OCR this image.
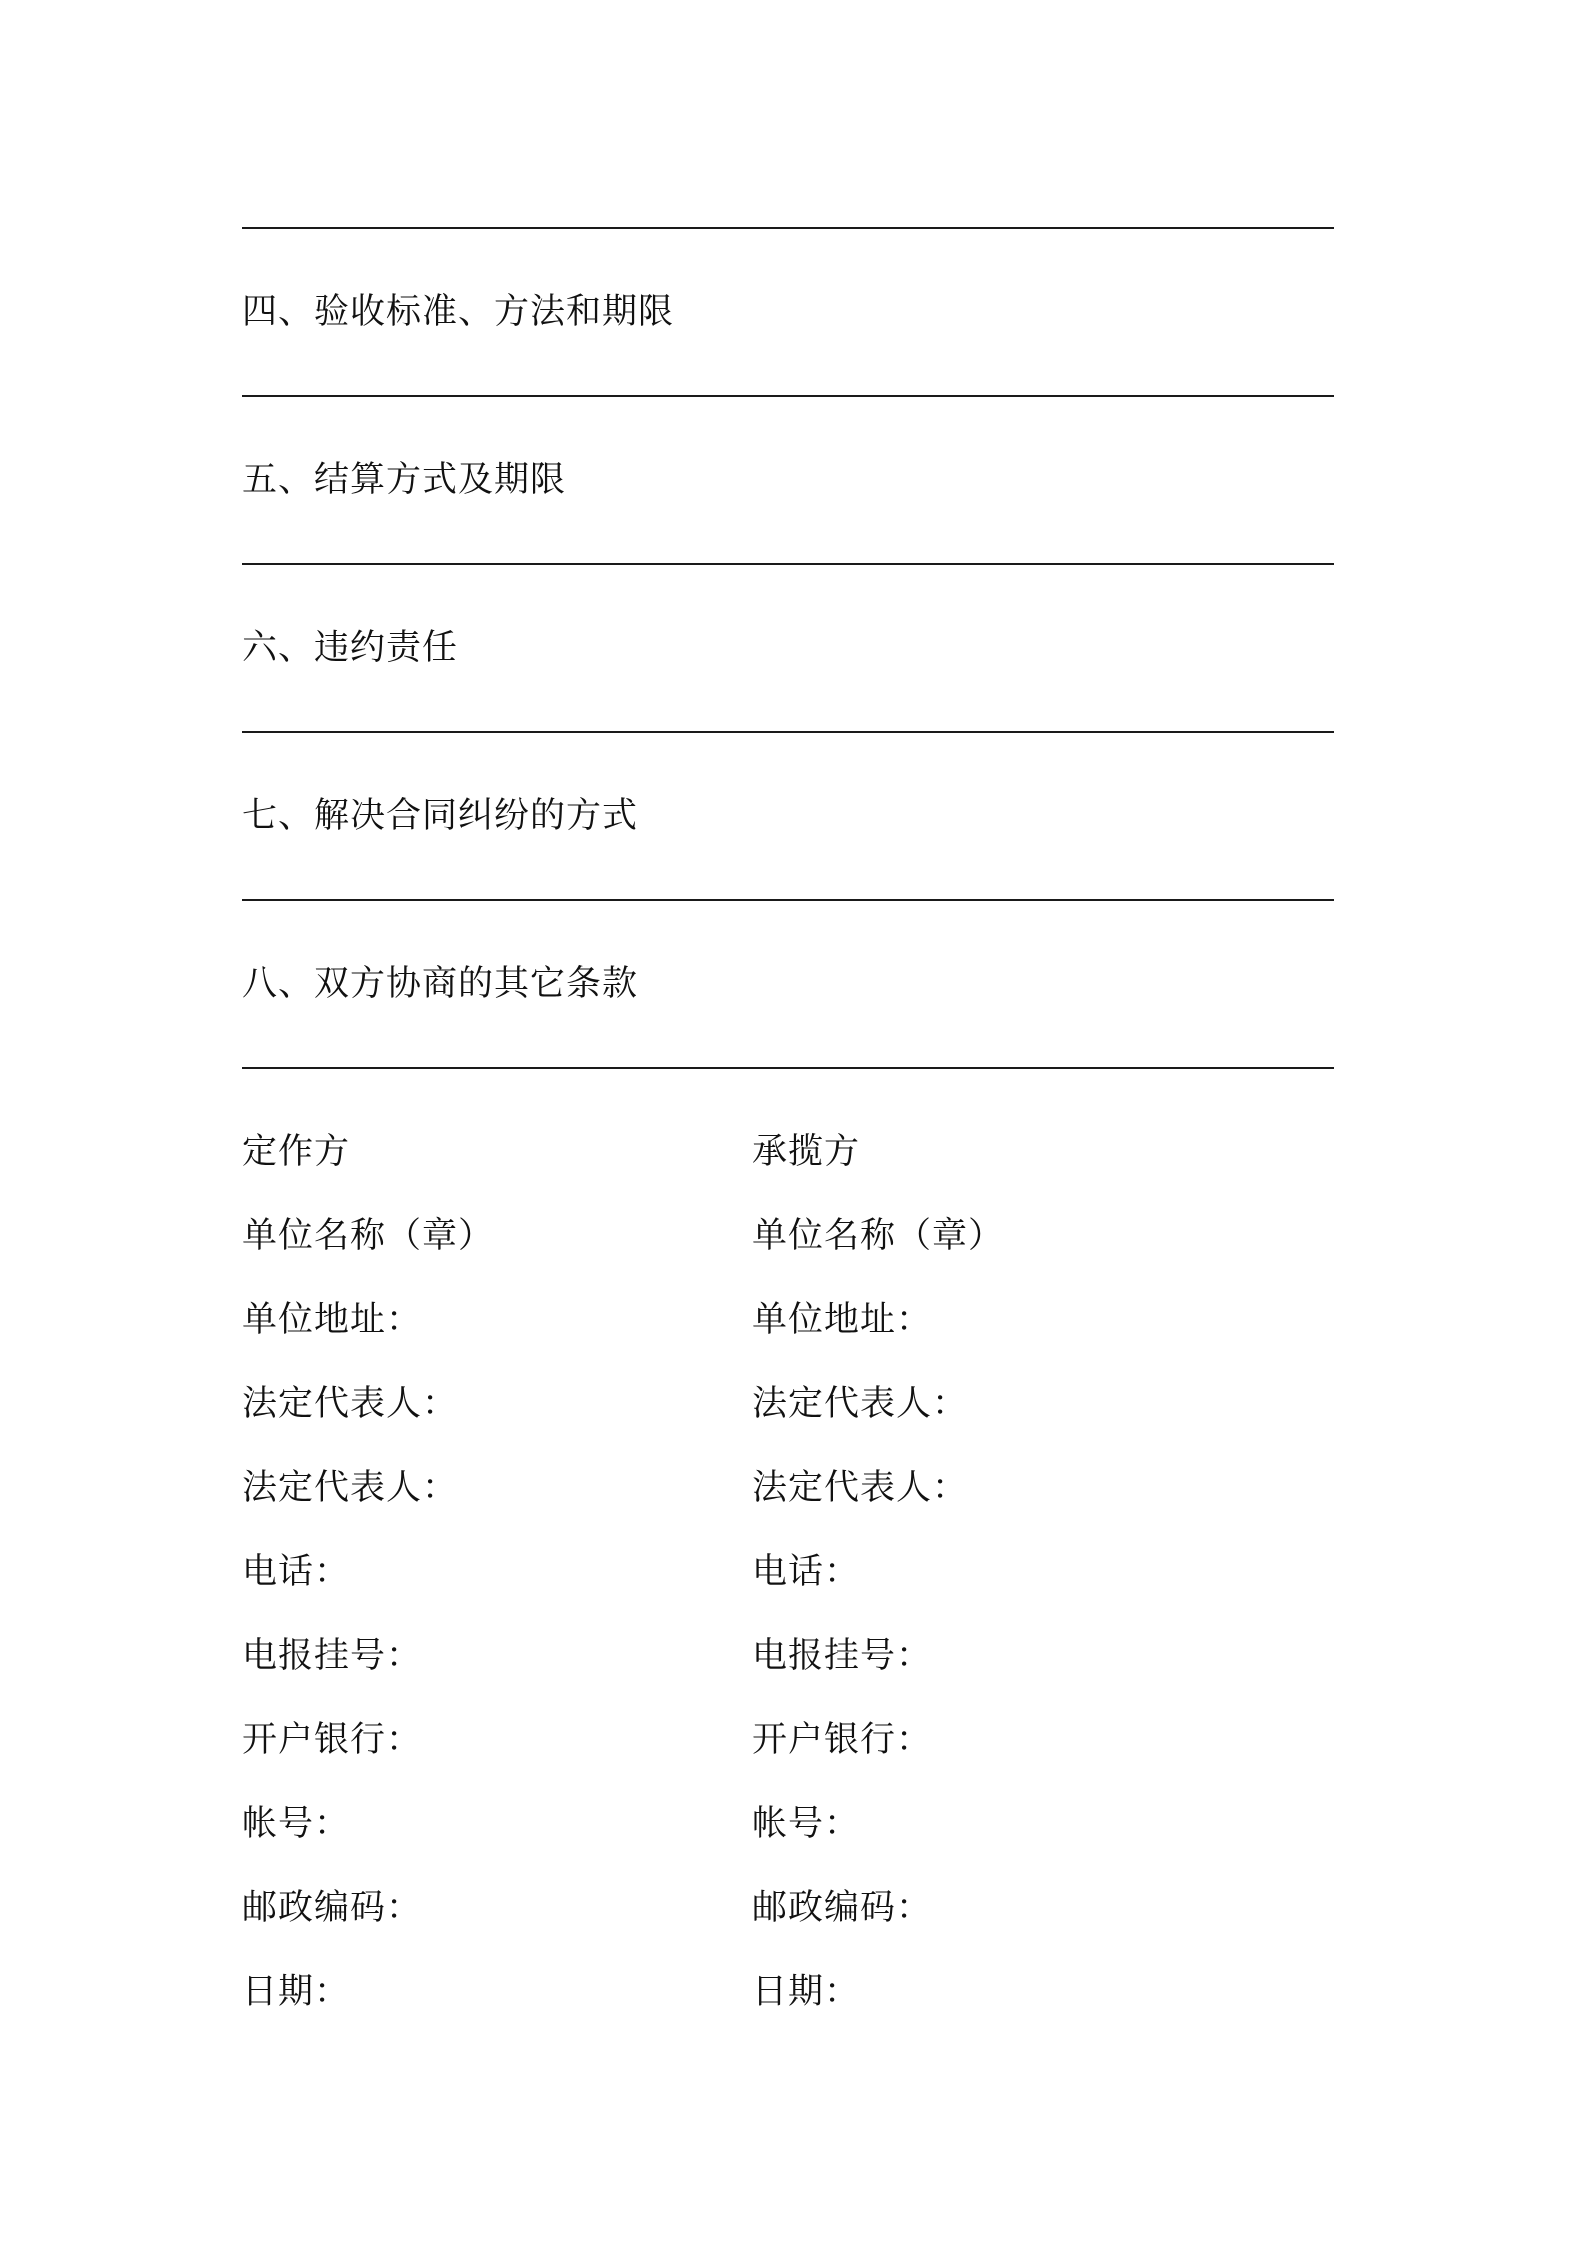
四、验收标准、方法和期限
五、结算方式及期限
六、违约责任
七、解决合同纠纷的方式
八、双方协商的其它条款
定作方
单位名称（章）
单位地址：
法定代表人：
法定代表人：
电话：
电报挂号：
开户银行：
帐号：
邮政编码：
日期：
承揽方
单位名称（章）
单位地址：
法定代表人：
法定代表人：
电话：
电报挂号：
开户银行：
帐号：
邮政编码：
日期：
